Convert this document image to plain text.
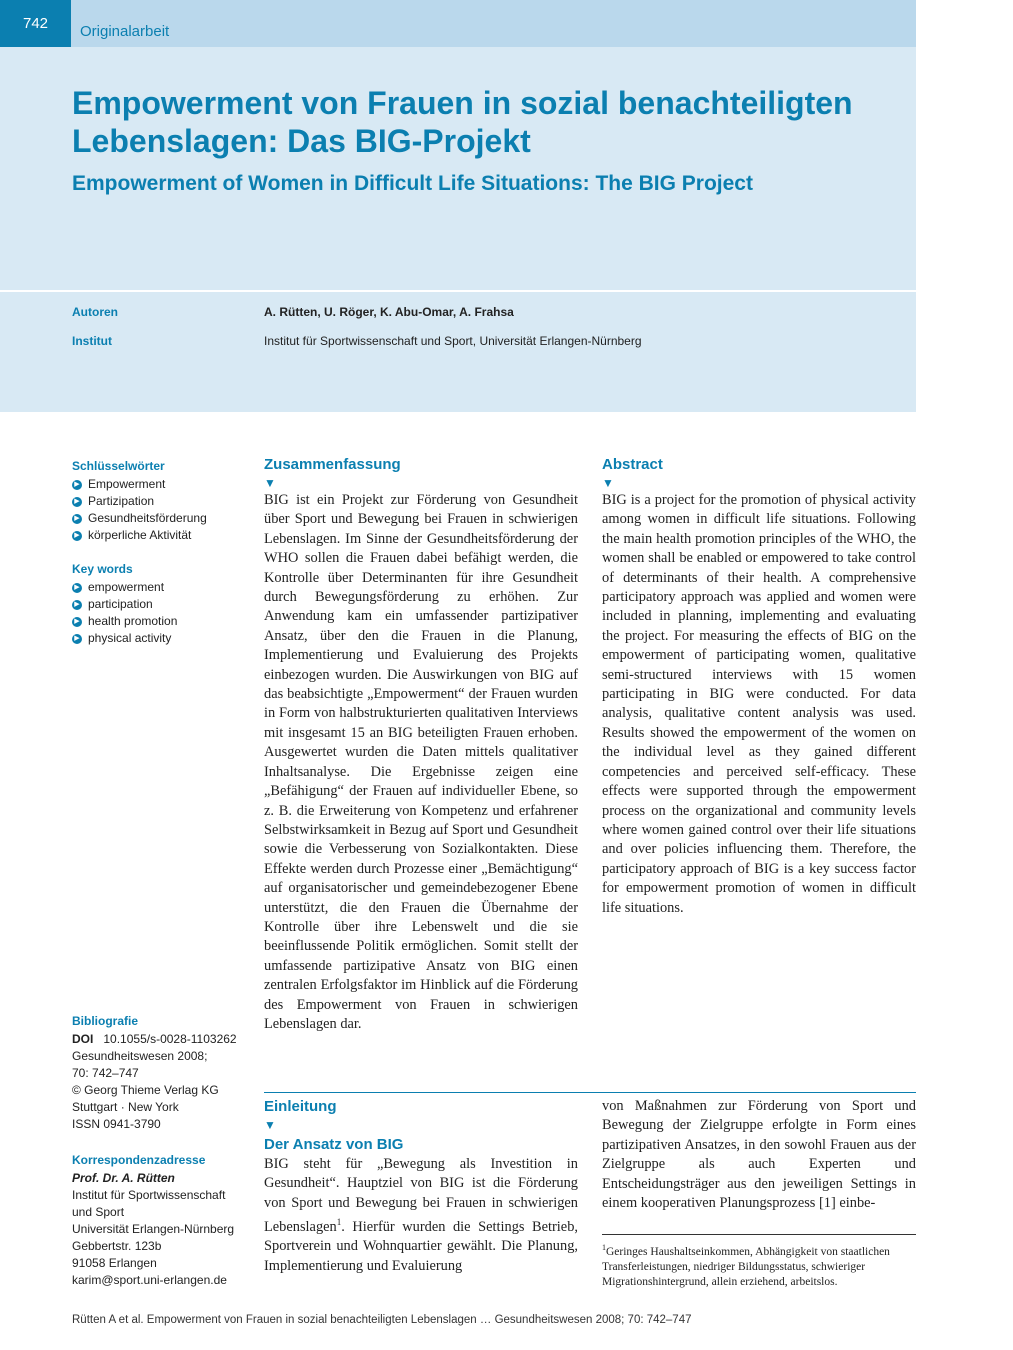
742	Originalarbeit
Empowerment von Frauen in sozial benachteiligten Lebenslagen: Das BIG-Projekt
Empowerment of Women in Difficult Life Situations: The BIG Project
Autoren	A. Rütten, U. Röger, K. Abu-Omar, A. Frahsa
Institut	Institut für Sportwissenschaft und Sport, Universität Erlangen-Nürnberg

Schlüsselwörter

▶ Empowerment
▶ Partizipation
▶ Gesundheitsförderung
▶ körperliche Aktivität

Key words

▶ empowerment
▶ participation
▶ health promotion
▶ physical activity

Bibliografie

DOI 10.1055/s-0028-1103262

Gesundheitswesen 2008;

70: 742–747

© Georg Thieme Verlag KG

Stuttgart · New York

ISSN 0941-3790

Korrespondenzadresse

Prof. Dr. A. Rütten

Institut für Sportwissenschaft

und Sport

Universität Erlangen-Nürnberg

Gebbertstr. 123b

91058 Erlangen

karim@sport.uni-erlangen.de

Zusammenfassung

▼

BIG ist ein Projekt zur Förderung von Gesundheit über Sport und Bewegung bei Frauen in schwierigen Lebenslagen. Im Sinne der Gesundheitsförderung der WHO sollen die Frauen dabei befähigt werden, die Kontrolle über Determinanten für ihre Gesundheit durch Bewegungsförderung zu erhöhen. Zur Anwendung kam ein umfassender partizipativer Ansatz, über den die Frauen in die Planung, Implementierung und Evaluierung des Projekts einbezogen wurden. Die Auswirkungen von BIG auf das beabsichtigte „Empowerment“ der Frauen wurden in Form von halbstrukturierten qualitativen Interviews mit insgesamt 15 an BIG beteiligten Frauen erhoben. Ausgewertet wurden die Daten mittels qualitativer Inhaltsanalyse. Die Ergebnisse zeigen eine „Befähigung“ der Frauen auf individueller Ebene, so z. B. die Erweiterung von Kompetenz und erfahrener Selbstwirksamkeit in Bezug auf Sport und Gesundheit sowie die Verbesserung von Sozialkontakten. Diese Effekte werden durch Prozesse einer „Bemächtigung“ auf organisatorischer und gemeindebezogener Ebene unterstützt, die den Frauen die Übernahme der Kontrolle über ihre Lebenswelt und die sie beeinflussende Politik ermöglichen. Somit stellt der umfassende partizipative Ansatz von BIG einen zentralen Erfolgsfaktor im Hinblick auf die Förderung des Empowerment von Frauen in schwierigen Lebenslagen dar.

Abstract

▼

BIG is a project for the promotion of physical activity among women in difficult life situations. Following the main health promotion principles of the WHO, the women shall be enabled or empowered to take control of determinants of their health. A comprehensive participatory approach was applied and women were included in planning, implementing and evaluating the project. For measuring the effects of BIG on the empowerment of participating women, qualitative semi-structured interviews with 15 women participating in BIG were conducted. For data analysis, qualitative content analysis was used. Results showed the empowerment of the women on the individual level as they gained different competencies and perceived self-efficacy. These effects were supported through the empowerment process on the organizational and community levels where women gained control over their life situations and over policies influencing them. Therefore, the participatory approach of BIG is a key success factor for empowerment promotion of women in difficult life situations.

Einleitung

▼

Der Ansatz von BIG

BIG steht für „Bewegung als Investition in Gesundheit“. Hauptziel von BIG ist die Förderung von Sport und Bewegung bei Frauen in schwierigen Lebenslagen$^1$. Hierfür wurden die Settings Betrieb, Sportverein und Wohnquartier gewählt. Die Planung, Implementierung und Evaluierung

von Maßnahmen zur Förderung von Sport und Bewegung der Zielgruppe erfolgte in Form eines partizipativen Ansatzes, in den sowohl Frauen aus der Zielgruppe als auch Experten und Entscheidungsträger aus den jeweiligen Settings in einem kooperativen Planungsprozess [1] einbe-

$^1$Geringes Haushaltseinkommen, Abhängigkeit von staatlichen Transferleistungen, niedriger Bildungsstatus, schwieriger Migrationshintergrund, allein erziehend, arbeitslos.

Rütten A et al. Empowerment von Frauen in sozial benachteiligten Lebenslagen … Gesundheitswesen 2008; 70: 742–747
